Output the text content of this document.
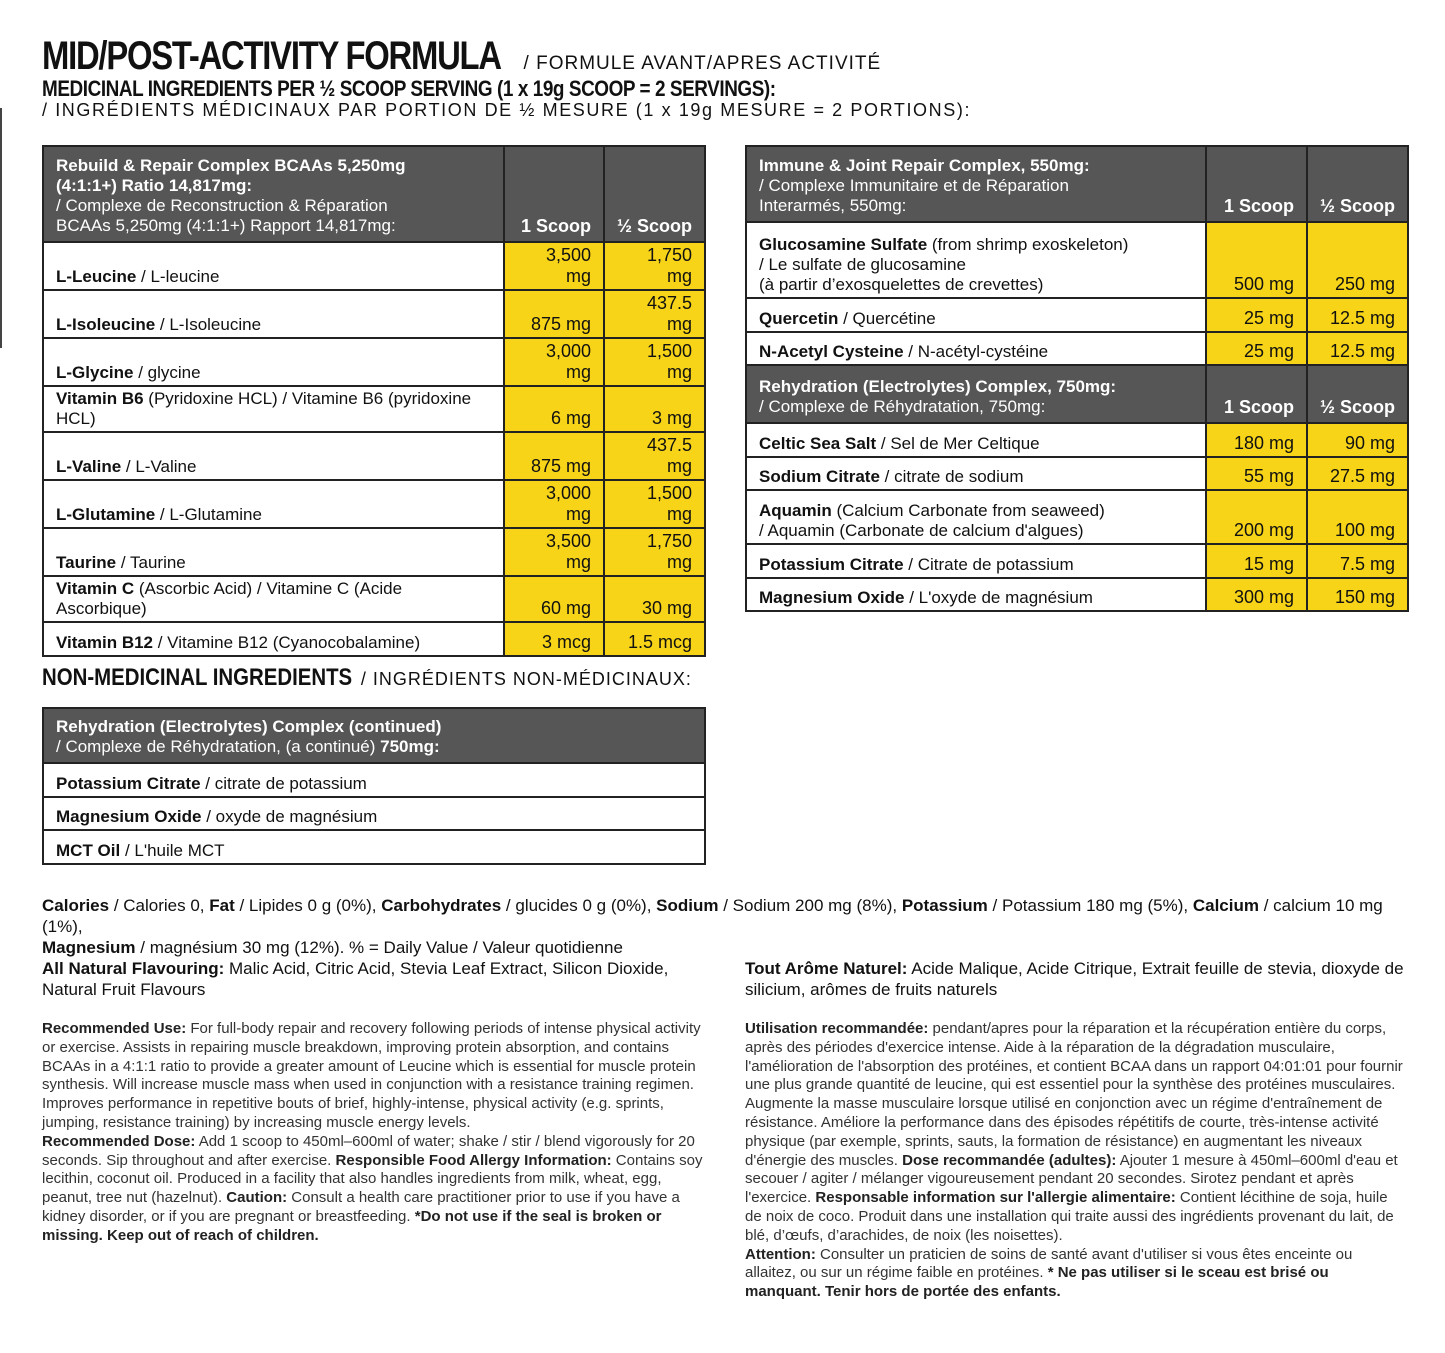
MID/POST-ACTIVITY FORMULA / FORMULE AVANT/APRES ACTIVITÉ
MEDICINAL INGREDIENTS PER ½ SCOOP SERVING (1 x 19g SCOOP = 2 SERVINGS):
/ INGRÉDIENTS MÉDICINAUX PAR PORTION DE ½ MESURE (1 x 19g MESURE = 2 PORTIONS):
Rebuild & Repair Complex BCAAs 5,250mg
(4:1:1+) Ratio 14,817mg:
/ Complexe de Reconstruction & Réparation
BCAAs 5,250mg (4:1:1+) Rapport 14,817mg:	1 Scoop	½ Scoop
L-Leucine / L-leucine	3,500 mg	1,750 mg
L-Isoleucine / L-Isoleucine	875 mg	437.5 mg
L-Glycine / glycine	3,000 mg	1,500 mg
Vitamin B6 (Pyridoxine HCL) / Vitamine B6 (pyridoxine HCL)	6 mg	3 mg
L-Valine / L-Valine	875 mg	437.5 mg
L-Glutamine / L-Glutamine	3,000 mg	1,500 mg
Taurine / Taurine	3,500 mg	1,750 mg
Vitamin C (Ascorbic Acid) / Vitamine C (Acide Ascorbique)	60 mg	30 mg
Vitamin B12 / Vitamine B12 (Cyanocobalamine)	3 mcg	1.5 mcg
Immune & Joint Repair Complex, 550mg:
/ Complexe Immunitaire et de Réparation
Interarmés, 550mg:	1 Scoop	½ Scoop
Glucosamine Sulfate (from shrimp exoskeleton)
/ Le sulfate de glucosamine
(à partir d’exosquelettes de crevettes)	500 mg	250 mg
Quercetin / Quercétine	25 mg	12.5 mg
N-Acetyl Cysteine / N-acétyl-cystéine	25 mg	12.5 mg
Rehydration (Electrolytes) Complex, 750mg:
/ Complexe de Réhydratation, 750mg:	1 Scoop	½ Scoop
Celtic Sea Salt / Sel de Mer Celtique	180 mg	90 mg
Sodium Citrate / citrate de sodium	55 mg	27.5 mg
Aquamin (Calcium Carbonate from seaweed)
/ Aquamin (Carbonate de calcium d'algues)	200 mg	100 mg
Potassium Citrate / Citrate de potassium	15 mg	7.5 mg
Magnesium Oxide / L'oxyde de magnésium	300 mg	150 mg
NON-MEDICINAL INGREDIENTS / INGRÉDIENTS NON-MÉDICINAUX:
Rehydration (Electrolytes) Complex (continued)
/ Complexe de Réhydratation, (a continué) 750mg:
Potassium Citrate / citrate de potassium
Magnesium Oxide / oxyde de magnésium
MCT Oil / L'huile MCT
Calories / Calories 0, Fat / Lipides 0 g (0%), Carbohydrates / glucides 0 g (0%), Sodium / Sodium 200 mg (8%), Potassium / Potassium 180 mg (5%), Calcium / calcium 10 mg (1%),
Magnesium / magnésium 30 mg (12%). % = Daily Value / Valeur quotidienne
All Natural Flavouring: Malic Acid, Citric Acid, Stevia Leaf Extract, Silicon Dioxide, Natural Fruit Flavours
Tout Arôme Naturel: Acide Malique, Acide Citrique, Extrait feuille de stevia, dioxyde de silicium, arômes de fruits naturels
Recommended Use: For full-body repair and recovery following periods of intense physical activity or exercise. Assists in repairing muscle breakdown, improving protein absorption, and contains BCAAs in a 4:1:1 ratio to provide a greater amount of Leucine which is essential for muscle protein synthesis. Will increase muscle mass when used in conjunction with a resistance training regimen. Improves performance in repetitive bouts of brief, highly-intense, physical activity (e.g. sprints, jumping, resistance training) by increasing muscle energy levels.
Recommended Dose: Add 1 scoop to 450ml–600ml of water; shake / stir / blend vigorously for 20 seconds. Sip throughout and after exercise. Responsible Food Allergy Information: Contains soy lecithin, coconut oil. Produced in a facility that also handles ingredients from milk, wheat, egg, peanut, tree nut (hazelnut). Caution: Consult a health care practitioner prior to use if you have a kidney disorder, or if you are pregnant or breastfeeding. *Do not use if the seal is broken or missing. Keep out of reach of children.
Utilisation recommandée: pendant/apres pour la réparation et la récupération entière du corps, après des périodes d'exercice intense. Aide à la réparation de la dégradation musculaire, l'amélioration de l'absorption des protéines, et contient BCAA dans un rapport 04:01:01 pour fournir une plus grande quantité de leucine, qui est essentiel pour la synthèse des protéines musculaires. Augmente la masse musculaire lorsque utilisé en conjonction avec un régime d'entraînement de résistance. Améliore la performance dans des épisodes répétitifs de courte, très-intense activité physique (par exemple, sprints, sauts, la formation de résistance) en augmentant les niveaux d'énergie des muscles. Dose recommandée (adultes): Ajouter 1 mesure à 450ml–600ml d'eau et secouer / agiter / mélanger vigoureusement pendant 20 secondes. Sirotez pendant et après l'exercice. Responsable information sur l'allergie alimentaire: Contient lécithine de soja, huile de noix de coco. Produit dans une installation qui traite aussi des ingrédients provenant du lait, de blé, d’œufs, d’arachides, de noix (les noisettes).
Attention: Consulter un praticien de soins de santé avant d'utiliser si vous êtes enceinte ou allaitez, ou sur un régime faible en protéines. * Ne pas utiliser si le sceau est brisé ou manquant. Tenir hors de portée des enfants.
